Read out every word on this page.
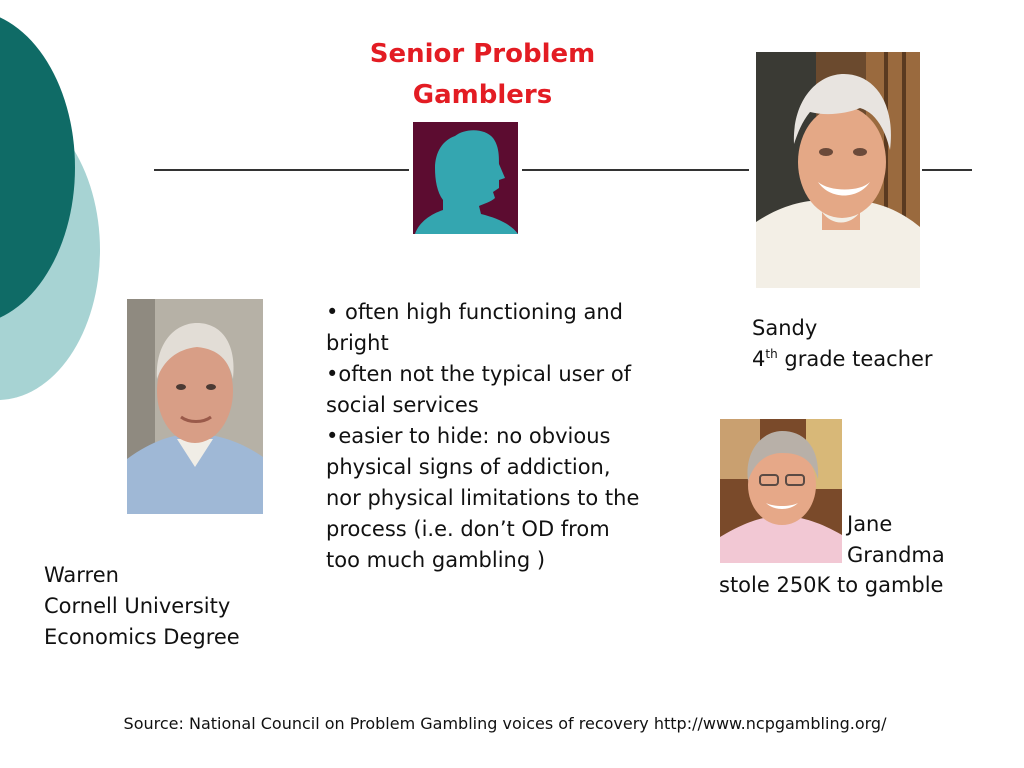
Senior Problem
Gamblers
• often high functioning and bright
•often not the typical user of social services
•easier to hide: no obvious physical signs of addiction, nor physical limitations to the process (i.e. don’t OD from too much gambling )
Sandy
4th grade teacher
Jane
Grandma
stole 250K to gamble
Warren
Cornell University
Economics Degree
Source: National Council on Problem Gambling voices of recovery http://www.ncpgambling.org/
